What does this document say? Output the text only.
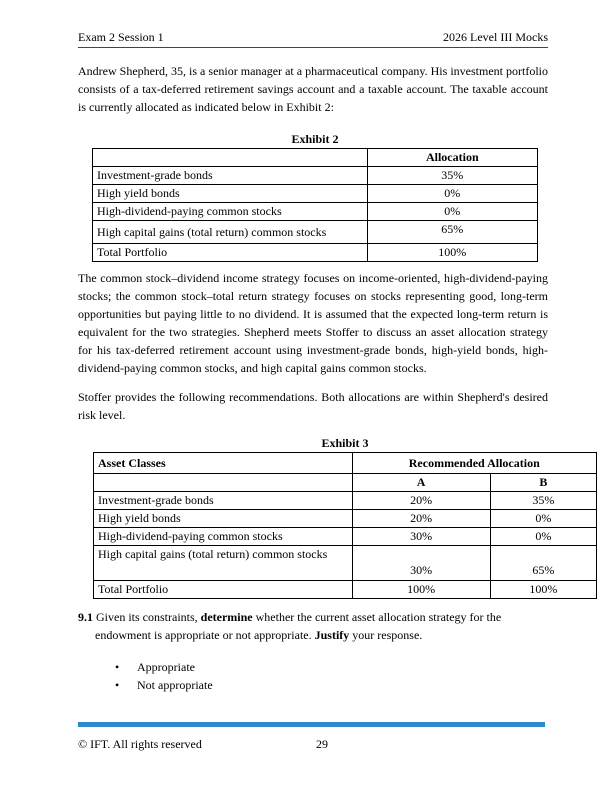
Exam 2 Session 1	2026 Level III Mocks

Andrew Shepherd, 35, is a senior manager at a pharmaceutical company. His investment portfolio consists of a tax-deferred retirement savings account and a taxable account. The taxable account is currently allocated as indicated below in Exhibit 2:

Exhibit 2
	Allocation
Investment-grade bonds	35%
High yield bonds	0%
High-dividend-paying common stocks	0%
High capital gains (total return) common stocks	65%
Total Portfolio	100%

The common stock–dividend income strategy focuses on income-oriented, high-dividend-paying stocks; the common stock–total return strategy focuses on stocks representing good, long-term opportunities but paying little to no dividend. It is assumed that the expected long-term return is equivalent for the two strategies. Shepherd meets Stoffer to discuss an asset allocation strategy for his tax-deferred retirement account using investment-grade bonds, high-yield bonds, high-dividend-paying common stocks, and high capital gains common stocks.

Stoffer provides the following recommendations. Both allocations are within Shepherd's desired risk level.

Exhibit 3
Asset Classes	Recommended Allocation	
	A	B
Investment-grade bonds	20%	35%
High yield bonds	20%	0%
High-dividend-paying common stocks	30%	0%
High capital gains (total return) common stocks	30%	65%
Total Portfolio	100%	100%
9.1 Given its constraints, determine whether the current asset allocation strategy for the endowment is appropriate or not appropriate. Justify your response.
•	Appropriate
•	Not appropriate
© IFT. All rights reserved	29
